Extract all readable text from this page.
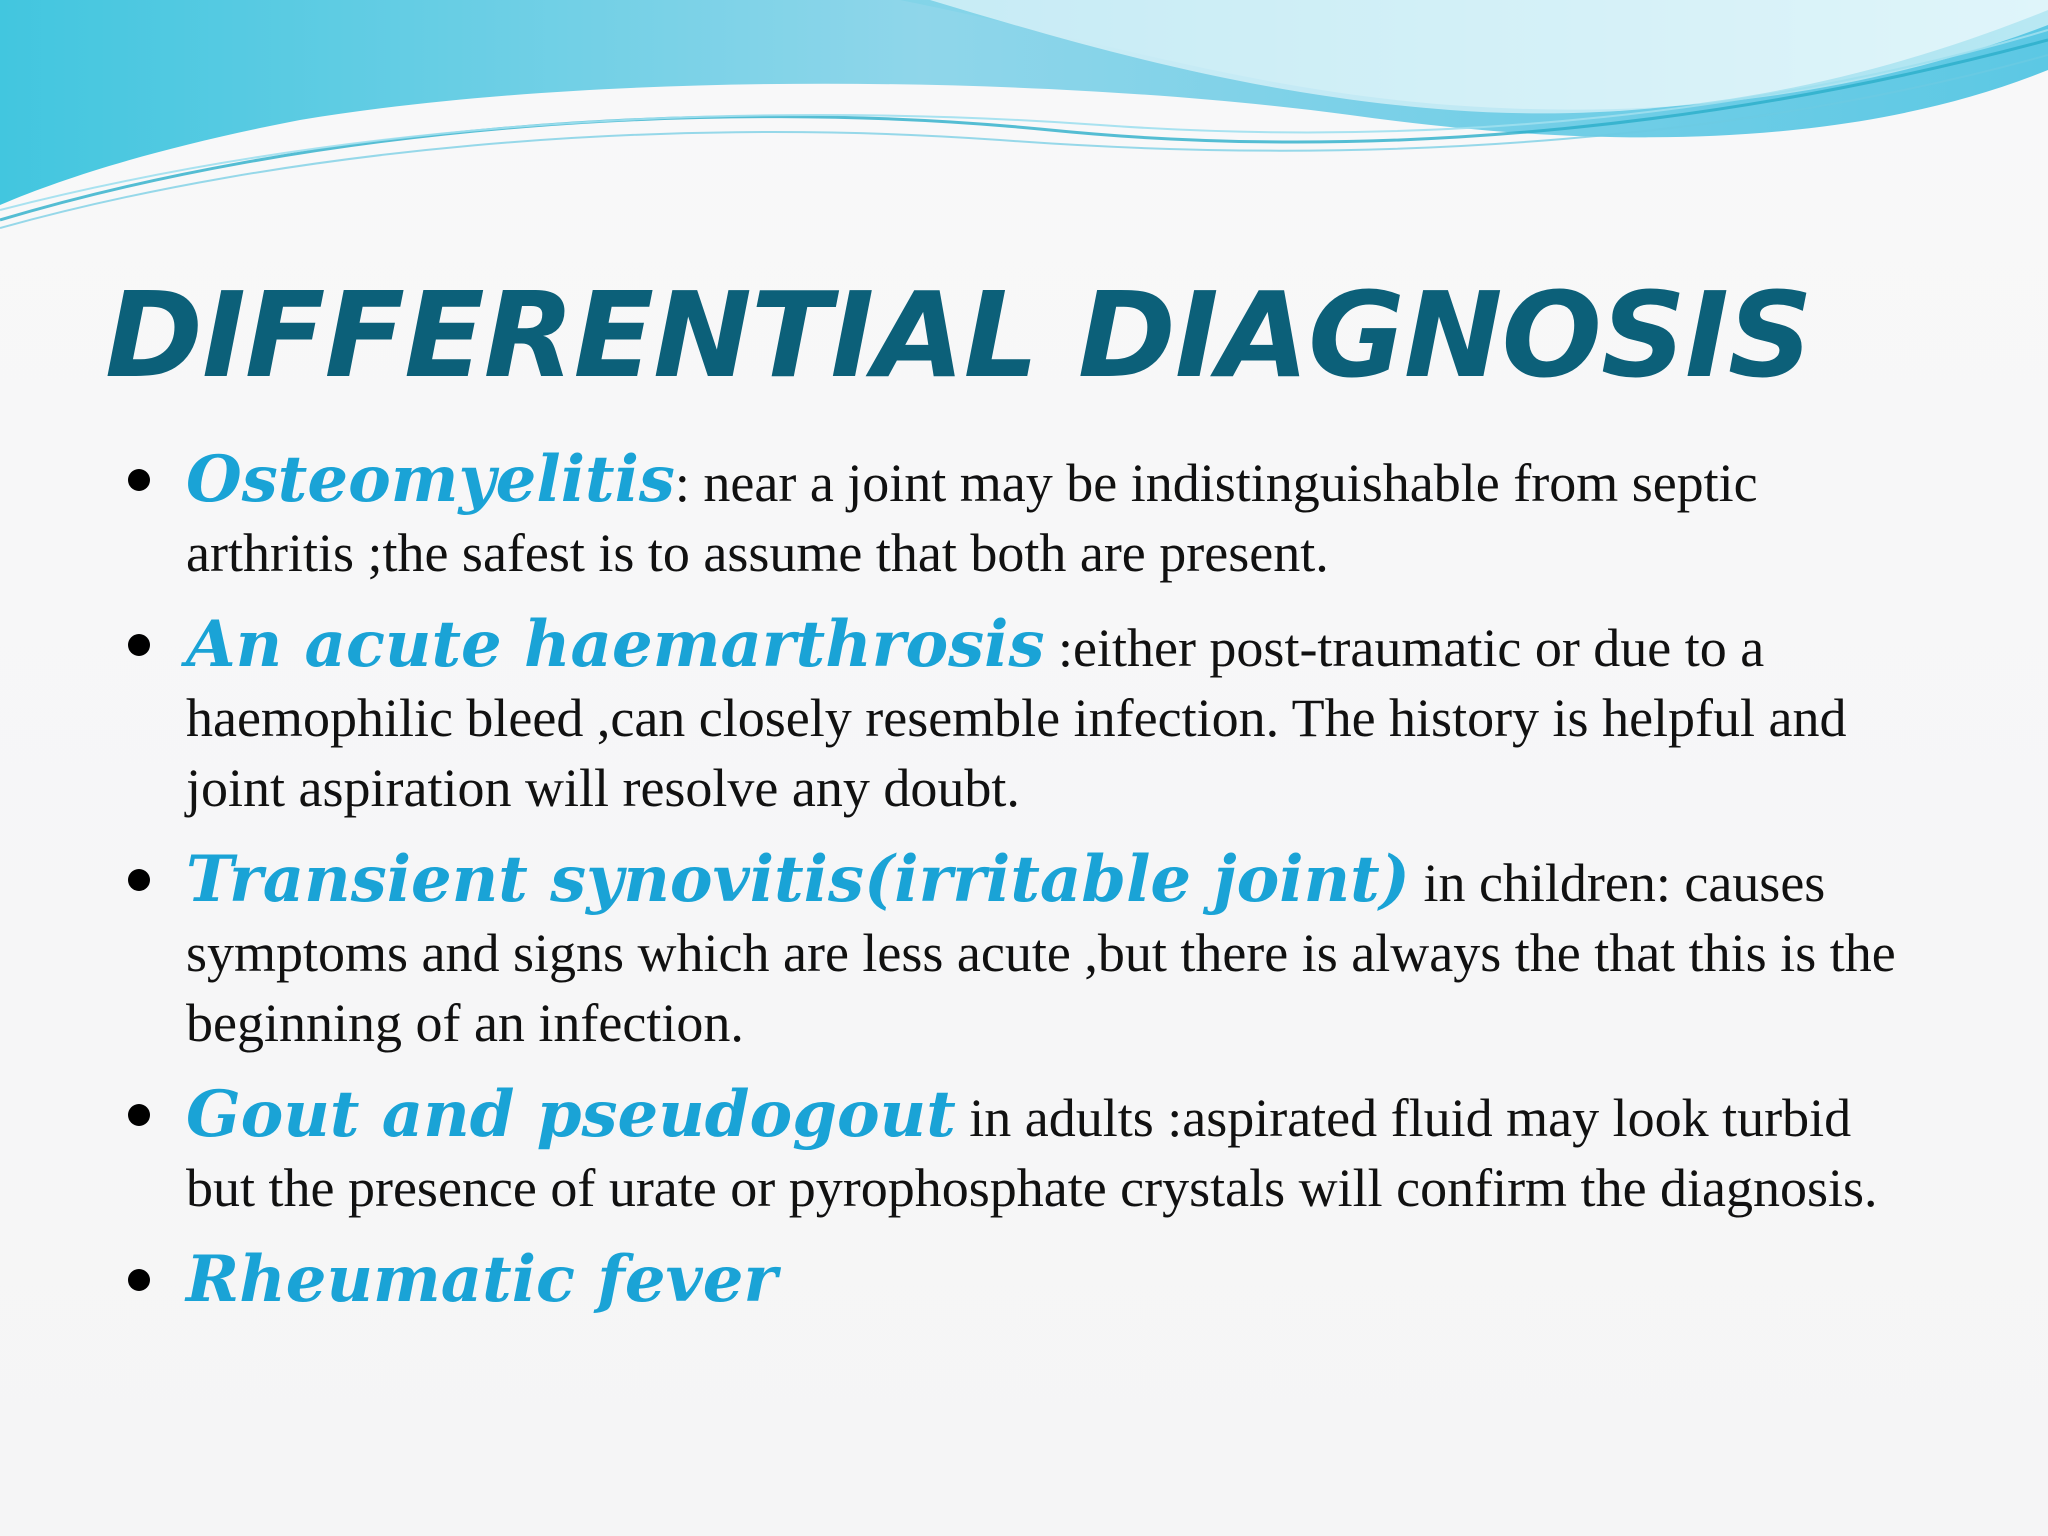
DIFFERENTIAL DIAGNOSIS
Osteomyelitis: near a joint may be indistinguishable from septic arthritis ;the safest is to assume that both are present.
An acute haemarthrosis :either post-traumatic or due to a haemophilic bleed ,can closely resemble infection. The history is helpful and joint aspiration will resolve any doubt.
Transient synovitis(irritable joint) in children: causes symptoms and signs which are less acute ,but there is always the that this is the beginning of an infection.
Gout and pseudogout in adults :aspirated fluid may look turbid but the presence of urate or pyrophosphate crystals will confirm the diagnosis.
Rheumatic fever
